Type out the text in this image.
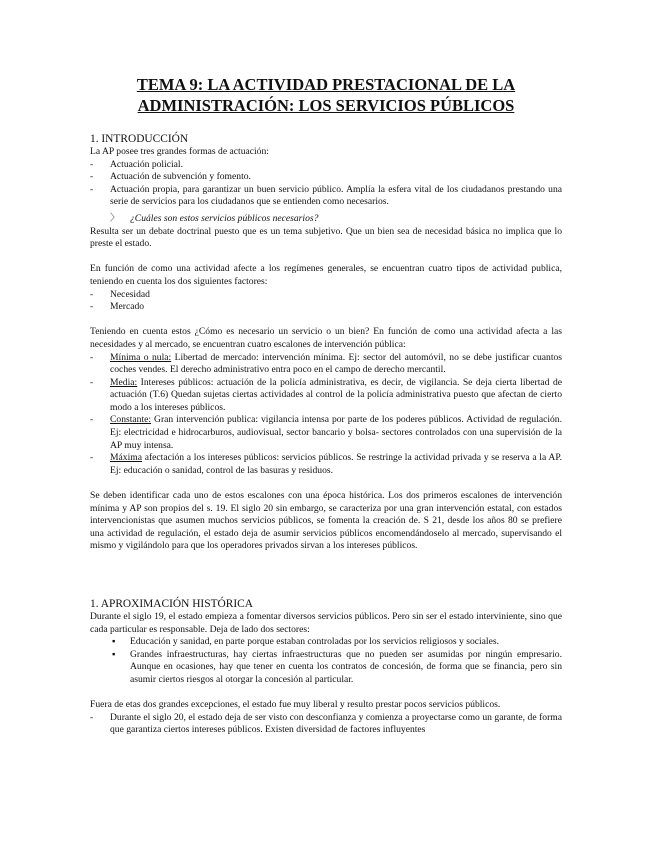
TEMA 9: LA ACTIVIDAD PRESTACIONAL DE LA
ADMINISTRACIÓN: LOS SERVICIOS PÚBLICOS
1. INTRODUCCIÓN

La AP posee tres grandes formas de actuación:

- Actuación policial.
- Actuación de subvención y fomento.
- Actuación propia, para garantizar un buen servicio público. Amplía la esfera vital de los ciudadanos prestando una serie de servicios para los ciudadanos que se entienden como necesarios.
〉 ¿Cuáles son estos servicios públicos necesarios?

Resulta ser un debate doctrinal puesto que es un tema subjetivo. Que un bien sea de necesidad básica no implica que lo preste el estado.

En función de como una actividad afecte a los regímenes generales, se encuentran cuatro tipos de actividad publica, teniendo en cuenta los dos siguientes factores:

- Necesidad
- Mercado

Teniendo en cuenta estos ¿Cómo es necesario un servicio o un bien? En función de como una actividad afecta a las necesidades y al mercado, se encuentran cuatro escalones de intervención pública:

- Mínima o nula: Libertad de mercado: intervención mínima. Ej: sector del automóvil, no se debe justificar cuantos coches vendes. El derecho administrativo entra poco en el campo de derecho mercantil.
- Media: Intereses públicos: actuación de la policía administrativa, es decir, de vigilancia. Se deja cierta libertad de actuación (T.6) Quedan sujetas ciertas actividades al control de la policía administrativa puesto que afectan de cierto modo a los intereses públicos.
- Constante: Gran intervención publica: vigilancia intensa por parte de los poderes públicos. Actividad de regulación. Ej: electricidad e hidrocarburos, audiovisual, sector bancario y bolsa- sectores controlados con una supervisión de la AP muy intensa.
- Máxima afectación a los intereses públicos: servicios públicos. Se restringe la actividad privada y se reserva a la AP. Ej: educación o sanidad, control de las basuras y residuos.

Se deben identificar cada uno de estos escalones con una época histórica. Los dos primeros escalones de intervención mínima y AP son propios del s. 19. El siglo 20 sin embargo, se caracteriza por una gran intervención estatal, con estados intervencionistas que asumen muchos servicios públicos, se fomenta la creación de. S 21, desde los años 80 se prefiere una actividad de regulación, el estado deja de asumir servicios públicos encomendándoselo al mercado, supervisando el mismo y vigilándolo para que los operadores privados sirvan a los intereses públicos.

1. APROXIMACIÓN HISTÓRICA

Durante el siglo 19, el estado empieza a fomentar diversos servicios públicos. Pero sin ser el estado interviniente, sino que cada particular es responsable. Deja de lado dos sectores:

▪ Educación y sanidad, en parte porque estaban controladas por los servicios religiosos y sociales.
▪ Grandes infraestructuras, hay ciertas infraestructuras que no pueden ser asumidas por ningún empresario. Aunque en ocasiones, hay que tener en cuenta los contratos de concesión, de forma que se financia, pero sin asumir ciertos riesgos al otorgar la concesión al particular.

Fuera de etas dos grandes excepciones, el estado fue muy liberal y resulto prestar pocos servicios públicos.

- Durante el siglo 20, el estado deja de ser visto con desconfianza y comienza a proyectarse como un garante, de forma que garantiza ciertos intereses públicos. Existen diversidad de factores influyentes
